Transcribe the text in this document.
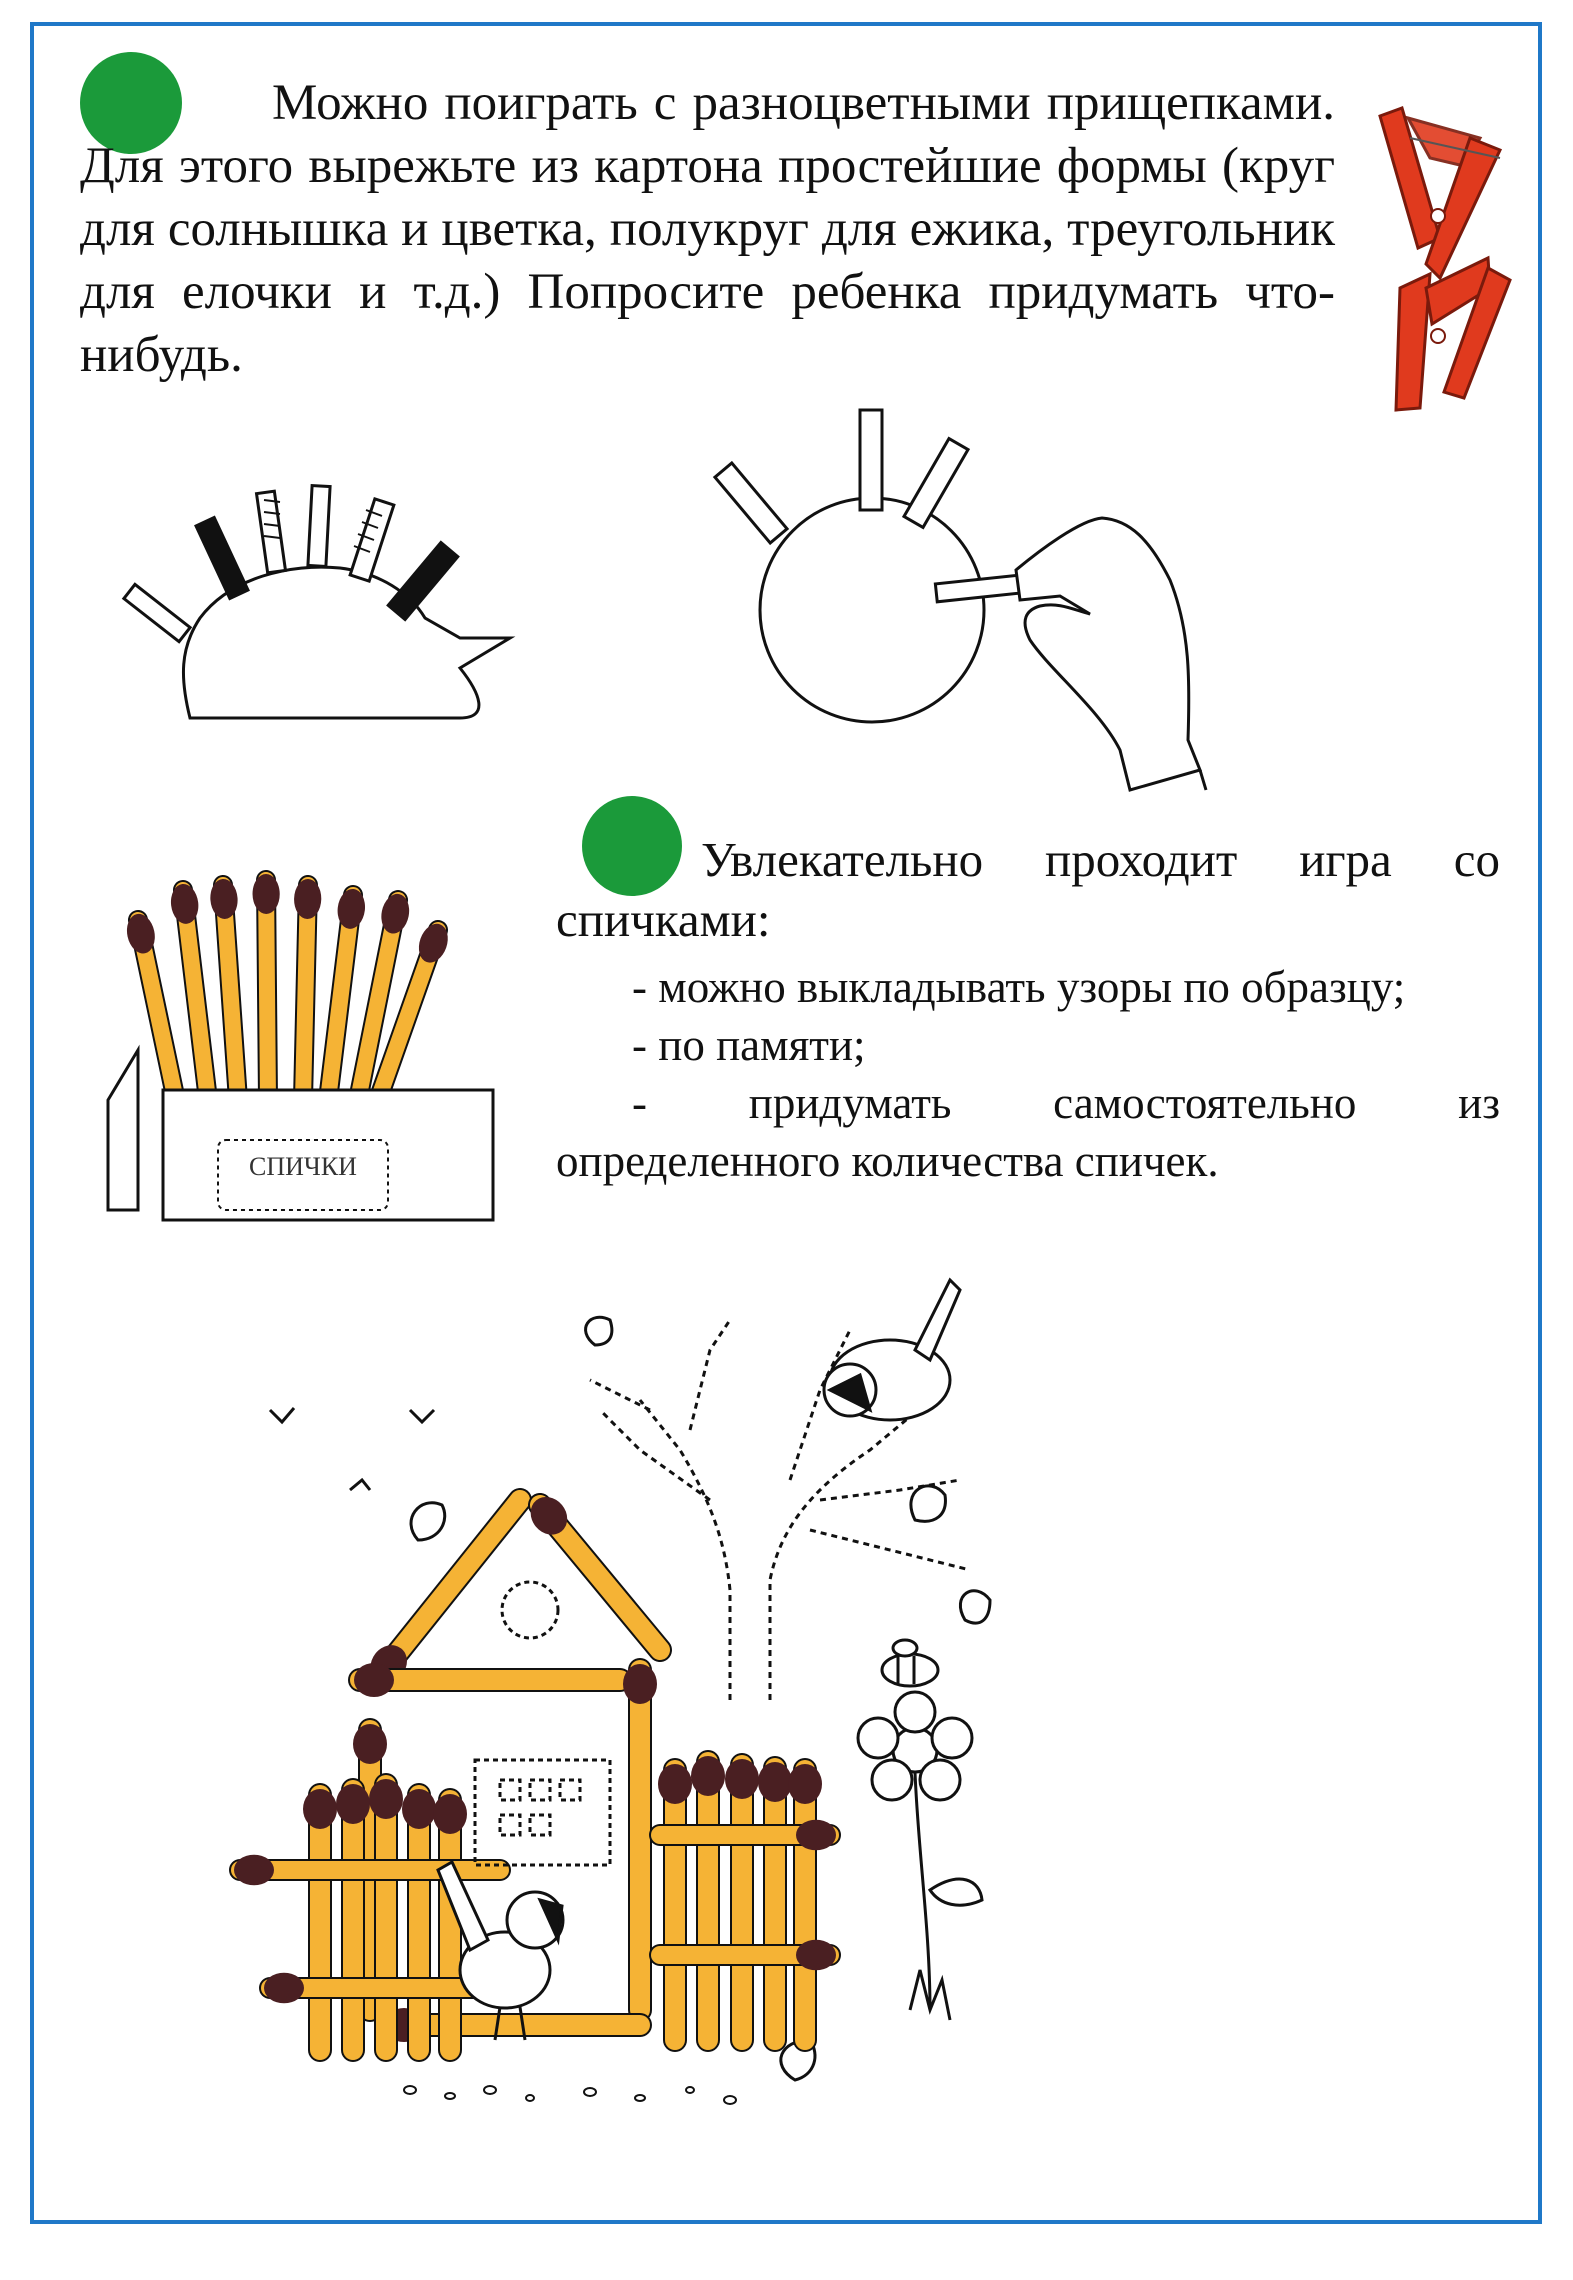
Можно поиграть с разноцветными прищепками. Для этого вырежьте из картона простейшие формы (круг для солнышка и цветка, полукруг для ежика, треугольник для елочки и т.д.) Попросите ребенка придумать что-нибудь.

СПИЧКИ

Увлекательно проходит игра со спичками:

- можно выкладывать узоры по образцу;
- по памяти;
- придумать самостоятельно из
определенного количества спичек.
